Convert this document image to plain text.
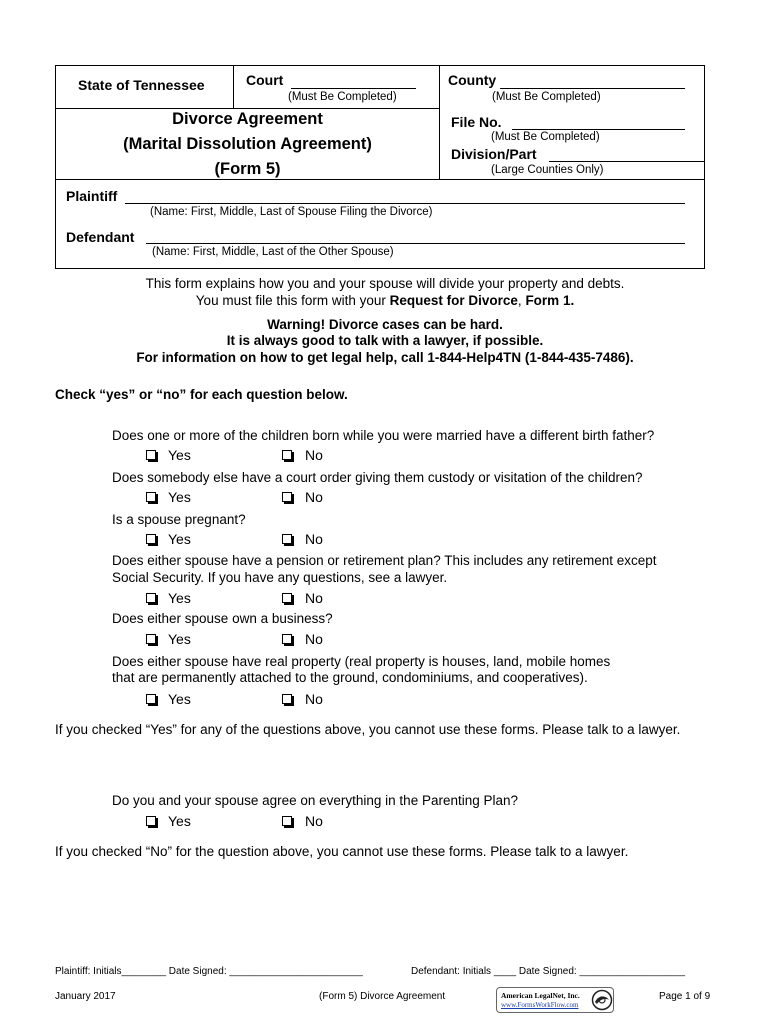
State of Tennessee	Court
(Must Be Completed)
County
(Must Be Completed)
Divorce Agreement
(Marital Dissolution Agreement)
(Form 5)
File No.
(Must Be Completed)
Division/Part
(Large Counties Only)
Plaintiff
(Name: First, Middle, Last of Spouse Filing the Divorce)
Defendant
(Name: First, Middle, Last of the Other Spouse)
This form explains how you and your spouse will divide your property and debts.
You must file this form with your Request for Divorce, Form 1.
Warning! Divorce cases can be hard.
It is always good to talk with a lawyer, if possible.
For information on how to get legal help, call 1-844-Help4TN (1-844-435-7486).
Check “yes” or “no” for each question below.
Does one or more of the children born while you were married have a different birth father?
Yes	No
Does somebody else have a court order giving them custody or visitation of the children?
Yes	No
Is a spouse pregnant?
Yes	No
Does either spouse have a pension or retirement plan? This includes any retirement except
Social Security. If you have any questions, see a lawyer.
Yes	No
Does either spouse own a business?
Yes	No
Does either spouse have real property (real property is houses, land, mobile homes
that are permanently attached to the ground, condominiums, and cooperatives).
Yes	No
If you checked “Yes” for any of the questions above, you cannot use these forms. Please talk to a lawyer.
Do you and your spouse agree on everything in the Parenting Plan?
Yes	No
If you checked “No” for the question above, you cannot use these forms. Please talk to a lawyer.
Plaintiff: Initials________ Date Signed: ________________________	Defendant: Initials ____ Date Signed: ___________________
January 2017	(Form 5) Divorce Agreement	American LegalNet, Inc.
www.FormsWorkFlow.com
Page 1 of 9
